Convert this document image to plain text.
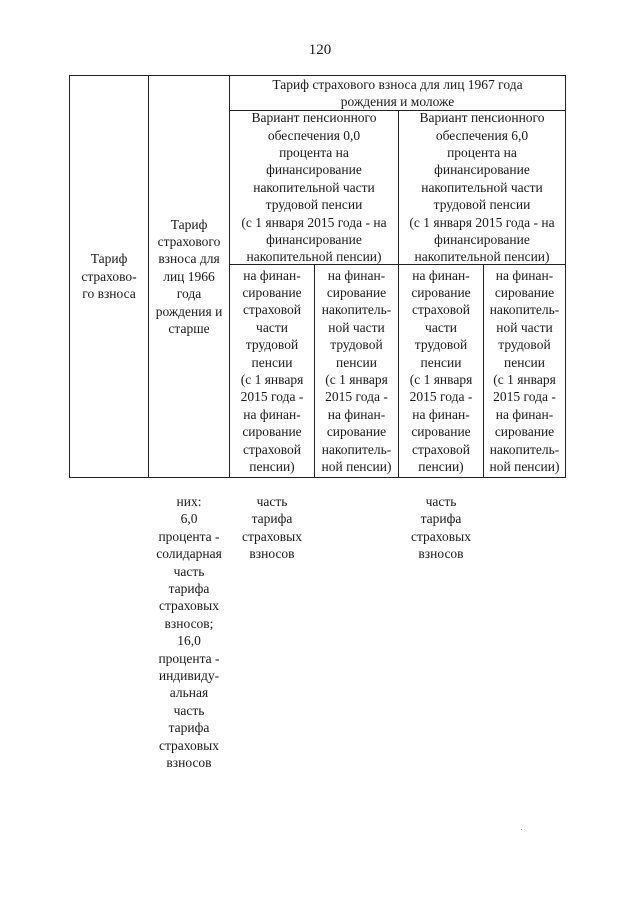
120
Тариф
страхово-
го взноса
Тариф
страхового
взноса для
лиц 1966
года
рождения и
старше
Тариф страхового взноса для лиц 1967 года
рождения и моложе
Вариант пенсионного
обеспечения 0,0
процента на
финансирование
накопительной части
трудовой пенсии
(с 1 января 2015 года - на
финансирование
накопительной пенсии)
Вариант пенсионного
обеспечения 6,0
процента на
финансирование
накопительной части
трудовой пенсии
(с 1 января 2015 года - на
финансирование
накопительной пенсии)
на финан-
сирование
страховой
части
трудовой
пенсии
(с 1 января
2015 года -
на финан-
сирование
страховой
пенсии)
на финан-
сирование
накопитель-
ной части
трудовой
пенсии
(с 1 января
2015 года -
на финан-
сирование
накопитель-
ной пенсии)
на финан-
сирование
страховой
части
трудовой
пенсии
(с 1 января
2015 года -
на финан-
сирование
страховой
пенсии)
на финан-
сирование
накопитель-
ной части
трудовой
пенсии
(с 1 января
2015 года -
на финан-
сирование
накопитель-
ной пенсии)
них:
6,0
процента -
солидарная
часть
тарифа
страховых
взносов;
16,0
процента -
индивиду-
альная
часть
тарифа
страховых
взносов
часть
тарифа
страховых
взносов
часть
тарифа
страховых
взносов
